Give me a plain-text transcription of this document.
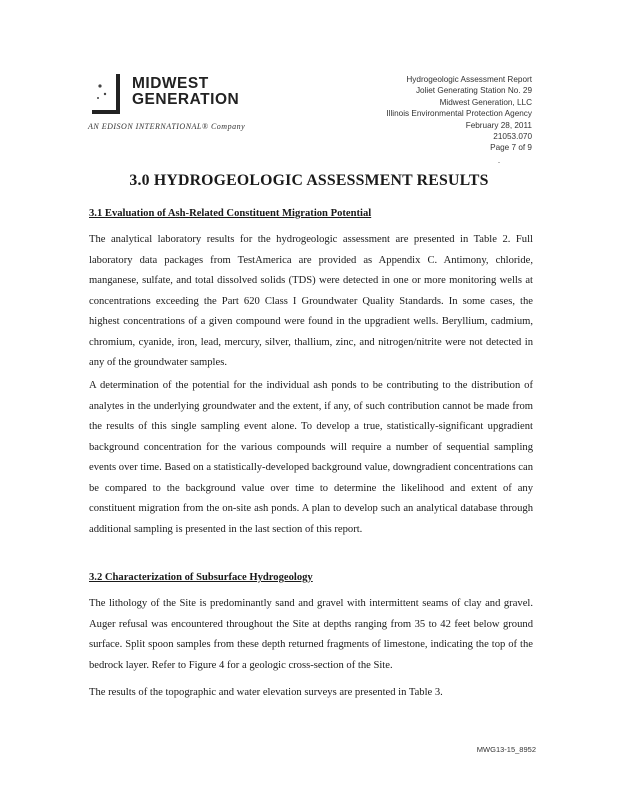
MIDWEST
GENERATION
AN EDISON INTERNATIONAL® Company
Hydrogeologic Assessment Report
Joliet Generating Station No. 29
Midwest Generation, LLC
Illinois Environmental Protection Agency
February 28, 2011
21053.070
Page 7 of 9
.
3.0 HYDROGEOLOGIC ASSESSMENT RESULTS
3.1 Evaluation of Ash-Related Constituent Migration Potential

The analytical laboratory results for the hydrogeologic assessment are presented in Table 2. Full laboratory data packages from TestAmerica are provided as Appendix C. Antimony, chloride, manganese, sulfate, and total dissolved solids (TDS) were detected in one or more monitoring wells at concentrations exceeding the Part 620 Class I Groundwater Quality Standards. In some cases, the highest concentrations of a given compound were found in the upgradient wells. Beryllium, cadmium, chromium, cyanide, iron, lead, mercury, silver, thallium, zinc, and nitrogen/nitrite were not detected in any of the groundwater samples.

A determination of the potential for the individual ash ponds to be contributing to the distribution of analytes in the underlying groundwater and the extent, if any, of such contribution cannot be made from the results of this single sampling event alone. To develop a true, statistically-significant upgradient background concentration for the various compounds will require a number of sequential sampling events over time. Based on a statistically-developed background value, downgradient concentrations can be compared to the background value over time to determine the likelihood and extent of any constituent migration from the on-site ash ponds. A plan to develop such an analytical database through additional sampling is presented in the last section of this report.

3.2 Characterization of Subsurface Hydrogeology

The lithology of the Site is predominantly sand and gravel with intermittent seams of clay and gravel. Auger refusal was encountered throughout the Site at depths ranging from 35 to 42 feet below ground surface. Split spoon samples from these depth returned fragments of limestone, indicating the top of the bedrock layer. Refer to Figure 4 for a geologic cross-section of the Site.

The results of the topographic and water elevation surveys are presented in Table 3.

MWG13-15_8952
